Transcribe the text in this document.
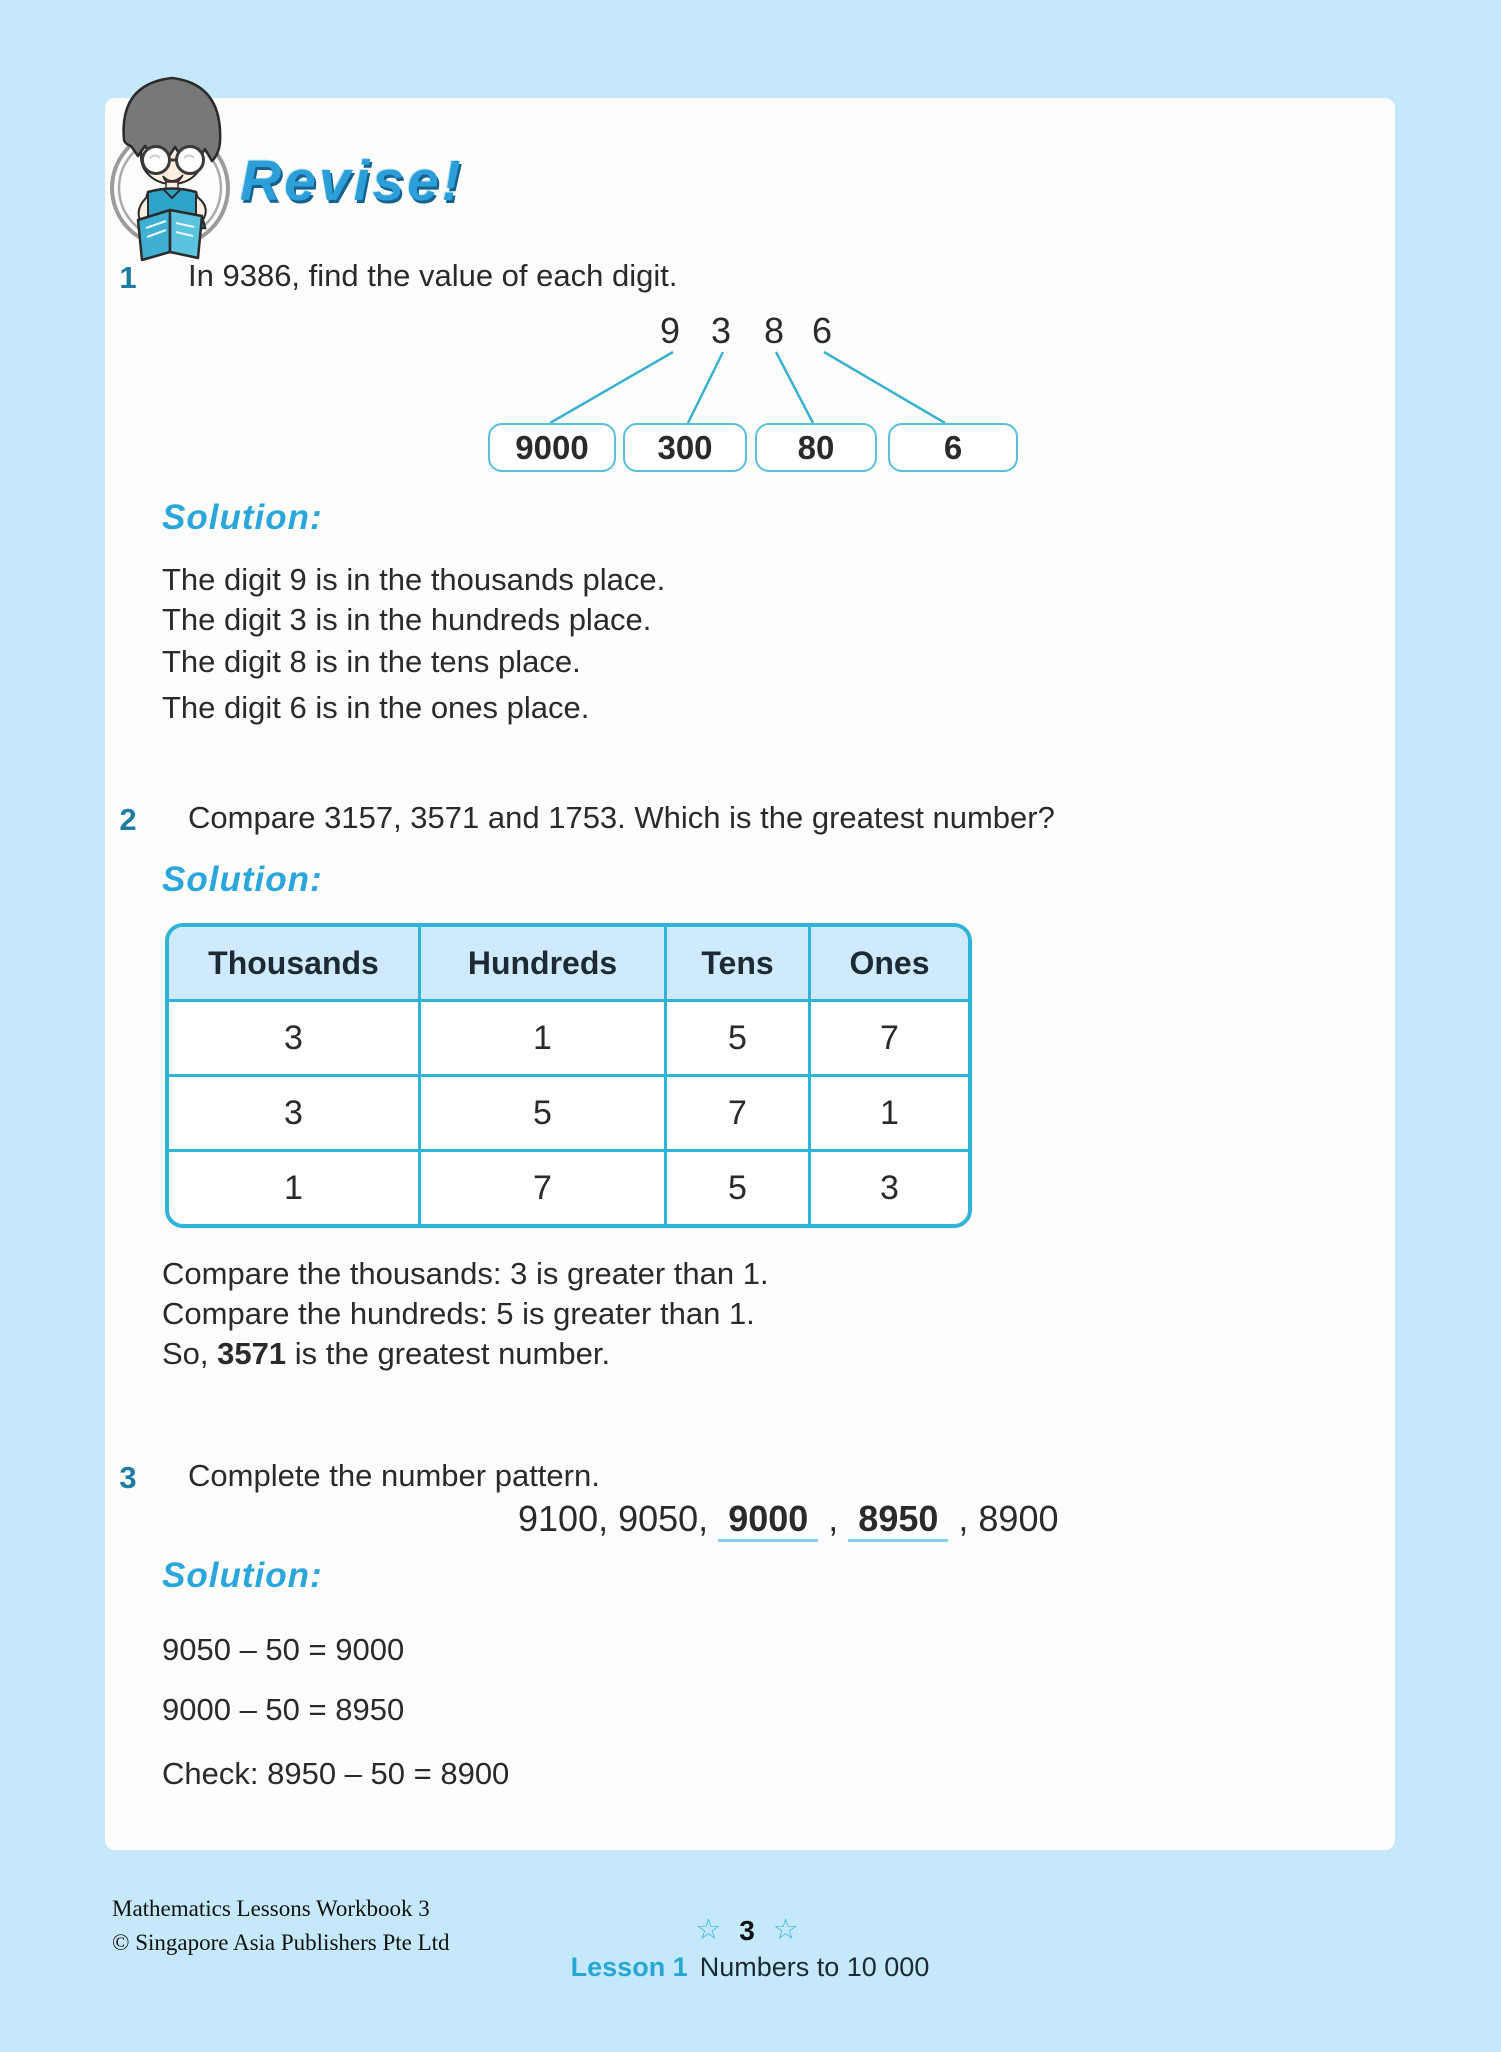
Revise!
1	In 9386, find the value of each digit.
9 3 8 6
9000	300	80	6
Solution:
The digit 9 is in the thousands place.
The digit 3 is in the hundreds place.
The digit 8 is in the tens place.
The digit 6 is in the ones place.
2	Compare 3157, 3571 and 1753. Which is the greatest number?
Solution:
Thousands	Hundreds	Tens	Ones
3	1	5	7
3	5	7	1
1	7	5	3
Compare the thousands: 3 is greater than 1.
Compare the hundreds: 5 is greater than 1.
So, 3571 is the greatest number.
3	Complete the number pattern.
9100, 9050, 9000 , 8950 , 8900
Solution:
9050 – 50 = 9000
9000 – 50 = 8950
Check: 8950 – 50 = 8900
Mathematics Lessons Workbook 3
© Singapore Asia Publishers Pte Ltd	☆ 3 ☆
Lesson 1 Numbers to 10 000
